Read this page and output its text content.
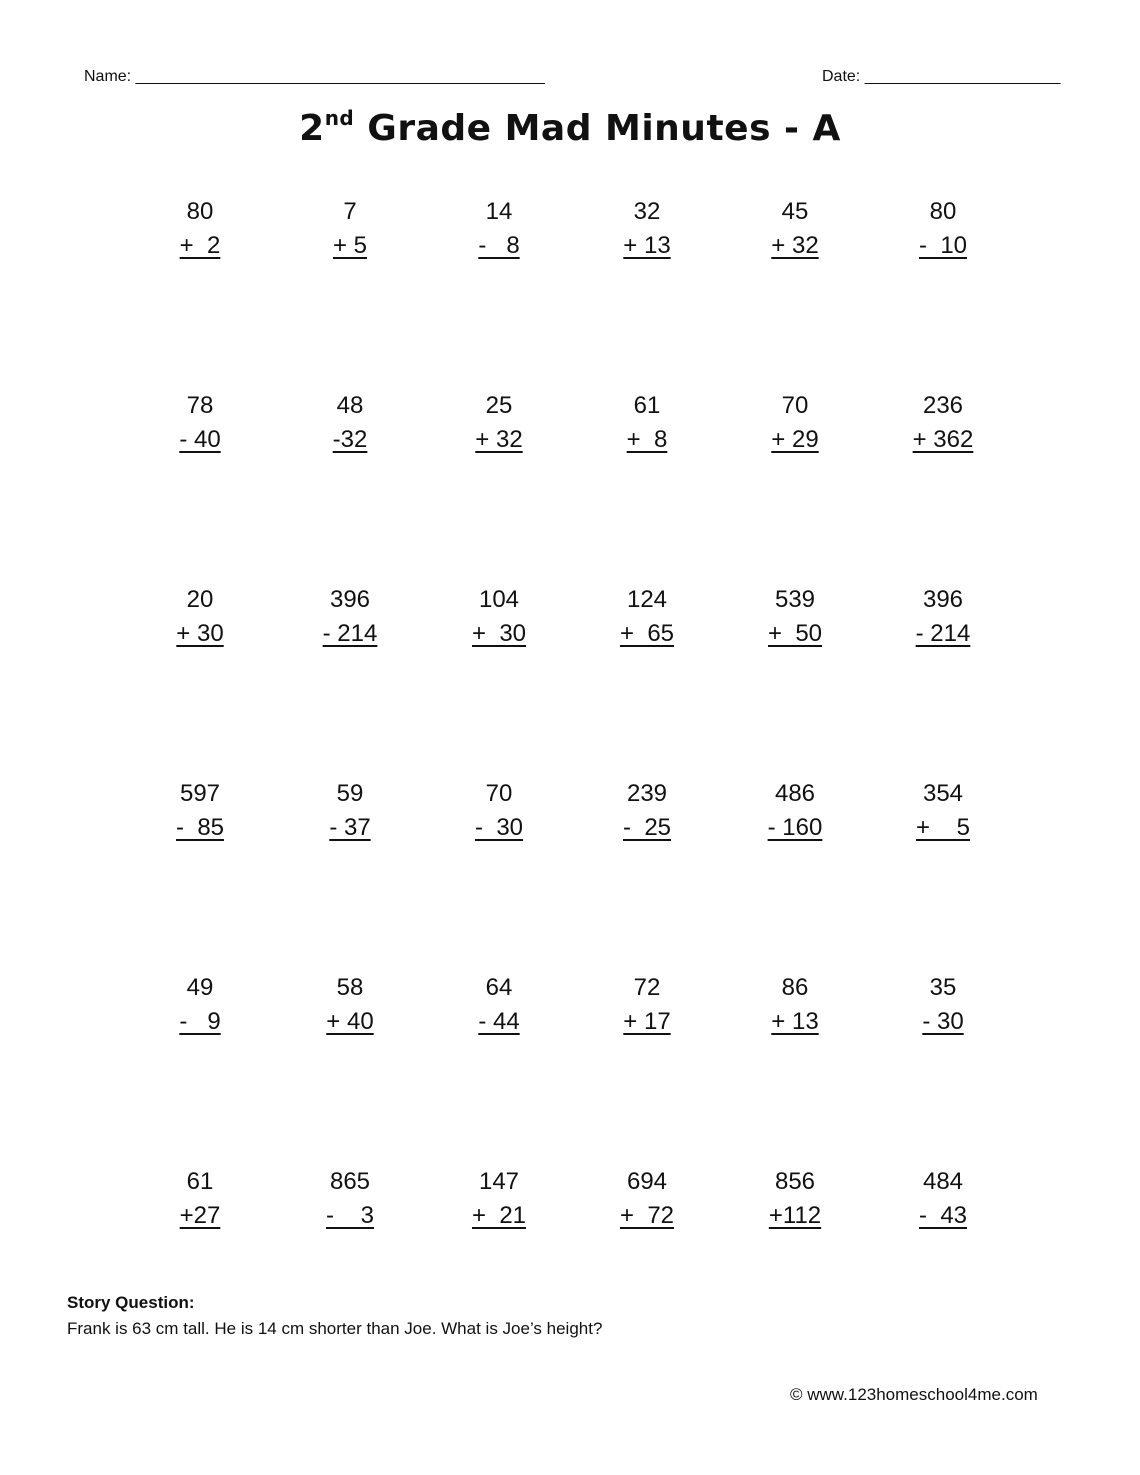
Name: ______________________________________________	Date: ______________________
2nd Grade Mad Minutes - A
80
+  2
7
+ 5
14
-   8
32
+ 13
45
+ 32
80
-  10
78
- 40
48
-32
25
+ 32
61
+  8
70
+ 29
236
+ 362
20
+ 30
396
- 214
104
+  30
124
+  65
539
+  50
396
- 214
597
-  85
59
- 37
70
-  30
239
-  25
486
- 160
354
+    5
49
-   9
58
+ 40
64
- 44
72
+ 17
86
+ 13
35
- 30
61
+27
865
-    3
147
+  21
694
+  72
856
+112
484
-  43
Story Question:
Frank is 63 cm tall. He is 14 cm shorter than Joe. What is Joe’s height?
© www.123homeschool4me.com
